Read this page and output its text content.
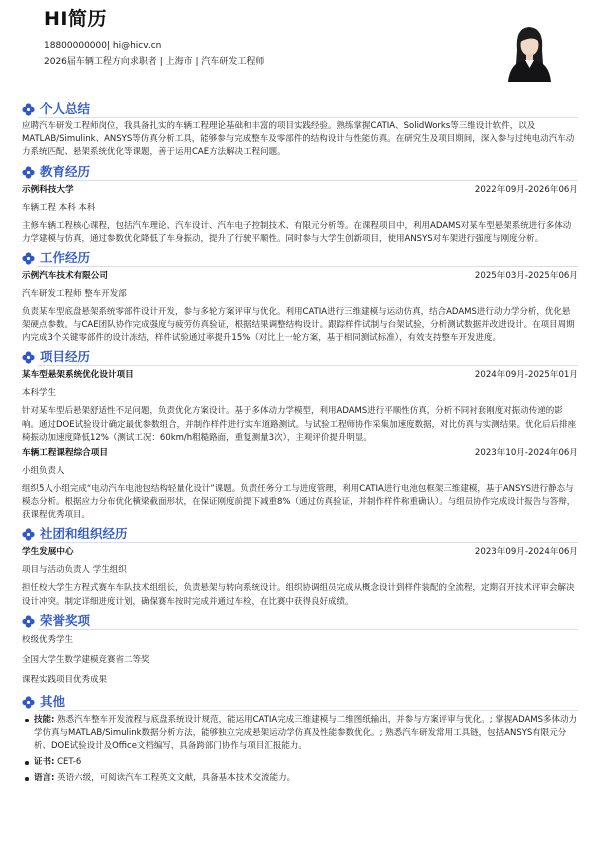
HI简历
18800000000| hi@hicv.cn
2026届车辆工程方向求职者 | 上海市 | 汽车研发工程师
个人总结
应聘汽车研发工程师岗位，我具备扎实的车辆工程理论基础和丰富的项目实践经验。熟练掌握CATIA、SolidWorks等三维设计软件，以及MATLAB/Simulink、ANSYS等仿真分析工具，能够参与完成整车及零部件的结构设计与性能仿真。在研究生及项目期间，深入参与过纯电动汽车动力系统匹配、悬架系统优化等课题，善于运用CAE方法解决工程问题。
教育经历
示例科技大学	2022年09月-2026年06月
车辆工程 本科 本科
主修车辆工程核心课程，包括汽车理论、汽车设计、汽车电子控制技术、有限元分析等。在课程项目中，利用ADAMS对某车型悬架系统进行多体动力学建模与仿真，通过参数优化降低了车身振动，提升了行驶平顺性。同时参与大学生创新项目，使用ANSYS对车架进行强度与刚度分析。
工作经历
示例汽车技术有限公司	2025年03月-2025年06月
汽车研发工程师 整车开发部
负责某车型底盘悬架系统零部件设计开发，参与多轮方案评审与优化。利用CATIA进行三维建模与运动仿真，结合ADAMS进行动力学分析，优化悬架硬点参数。与CAE团队协作完成强度与疲劳仿真验证，根据结果调整结构设计。跟踪样件试制与台架试验，分析测试数据并改进设计。在项目周期内完成3个关键零部件的设计冻结，样件试验通过率提升15%（对比上一轮方案，基于相同测试标准），有效支持整车开发进度。
项目经历
某车型悬架系统优化设计项目	2024年09月-2025年01月
本科学生
针对某车型后悬架舒适性不足问题，负责优化方案设计。基于多体动力学模型，利用ADAMS进行平顺性仿真，分析不同衬套刚度对振动传递的影响。通过DOE试验设计确定最优参数组合，并制作样件进行实车道路测试。与试验工程师协作采集加速度数据，对比仿真与实测结果。优化后后排座椅振动加速度降低12%（测试工况：60km/h粗糙路面，重复测量3次），主观评价提升明显。
车辆工程课程综合项目	2023年10月-2024年06月
小组负责人
组织5人小组完成“电动汽车电池包结构轻量化设计”课题。负责任务分工与进度管理，利用CATIA进行电池包框架三维建模，基于ANSYS进行静态与模态分析。根据应力分布优化横梁截面形状，在保证刚度前提下减重8%（通过仿真验证，并制作样件称重确认）。与组员协作完成设计报告与答辩，获课程优秀项目。
社团和组织经历
学生发展中心	2023年09月-2024年06月
项目与活动负责人 学生组织
担任校大学生方程式赛车车队技术组组长，负责悬架与转向系统设计。组织协调组员完成从概念设计到样件装配的全流程，定期召开技术评审会解决设计冲突。制定详细进度计划，确保赛车按时完成并通过车检，在比赛中获得良好成绩。
荣誉奖项
校级优秀学生
全国大学生数学建模竞赛省二等奖
课程实践项目优秀成果
其他
技能: 熟悉汽车整车开发流程与底盘系统设计规范，能运用CATIA完成三维建模与二维图纸输出，并参与方案评审与优化。; 掌握ADAMS多体动力学仿真与MATLAB/Simulink数据分析方法，能够独立完成悬架运动学仿真及性能参数优化。; 熟悉汽车研发常用工具链，包括ANSYS有限元分析、DOE试验设计及Office文档编写，具备跨部门协作与项目汇报能力。
证书: CET-6
语言: 英语六级，可阅读汽车工程英文文献，具备基本技术交流能力。
